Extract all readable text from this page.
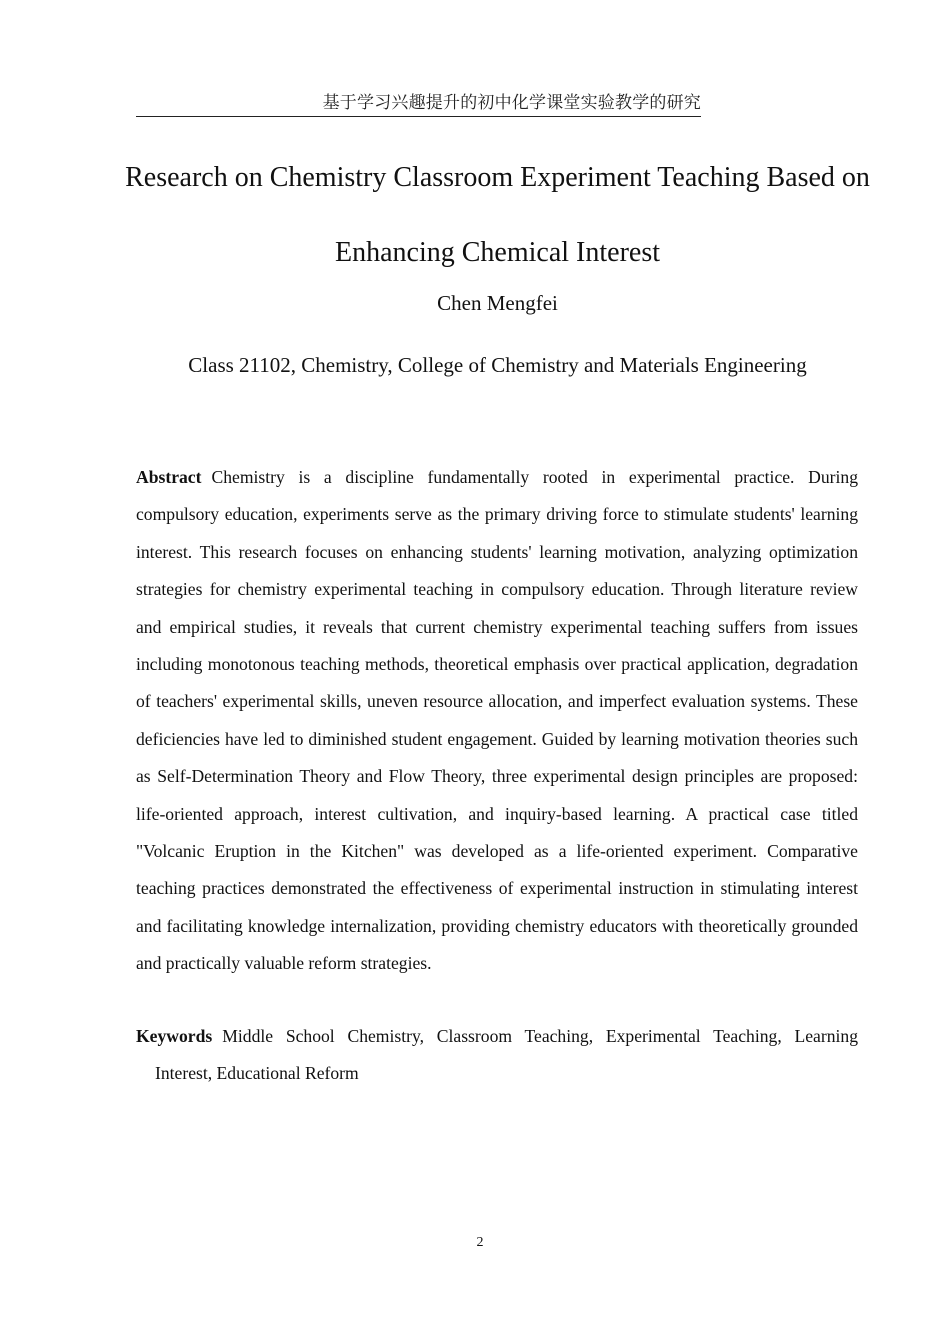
基于学习兴趣提升的初中化学课堂实验教学的研究
Research on Chemistry Classroom Experiment Teaching Based on Enhancing Chemical Interest
Chen Mengfei
Class 21102, Chemistry, College of Chemistry and Materials Engineering

Abstract Chemistry is a discipline fundamentally rooted in experimental practice. During compulsory education, experiments serve as the primary driving force to stimulate students' learning interest. This research focuses on enhancing students' learning motivation, analyzing optimization strategies for chemistry experimental teaching in compulsory education. Through literature review and empirical studies, it reveals that current chemistry experimental teaching suffers from issues including monotonous teaching methods, theoretical emphasis over practical application, degradation of teachers' experimental skills, uneven resource allocation, and imperfect evaluation systems. These deficiencies have led to diminished student engagement. Guided by learning motivation theories such as Self-Determination Theory and Flow Theory, three experimental design principles are proposed: life-oriented approach, interest cultivation, and inquiry-based learning. A practical case titled "Volcanic Eruption in the Kitchen" was developed as a life-oriented experiment. Comparative teaching practices demonstrated the effectiveness of experimental instruction in stimulating interest and facilitating knowledge internalization, providing chemistry educators with theoretically grounded and practically valuable reform strategies.

Keywords Middle School Chemistry, Classroom Teaching, Experimental Teaching, Learning Interest, Educational Reform

2
